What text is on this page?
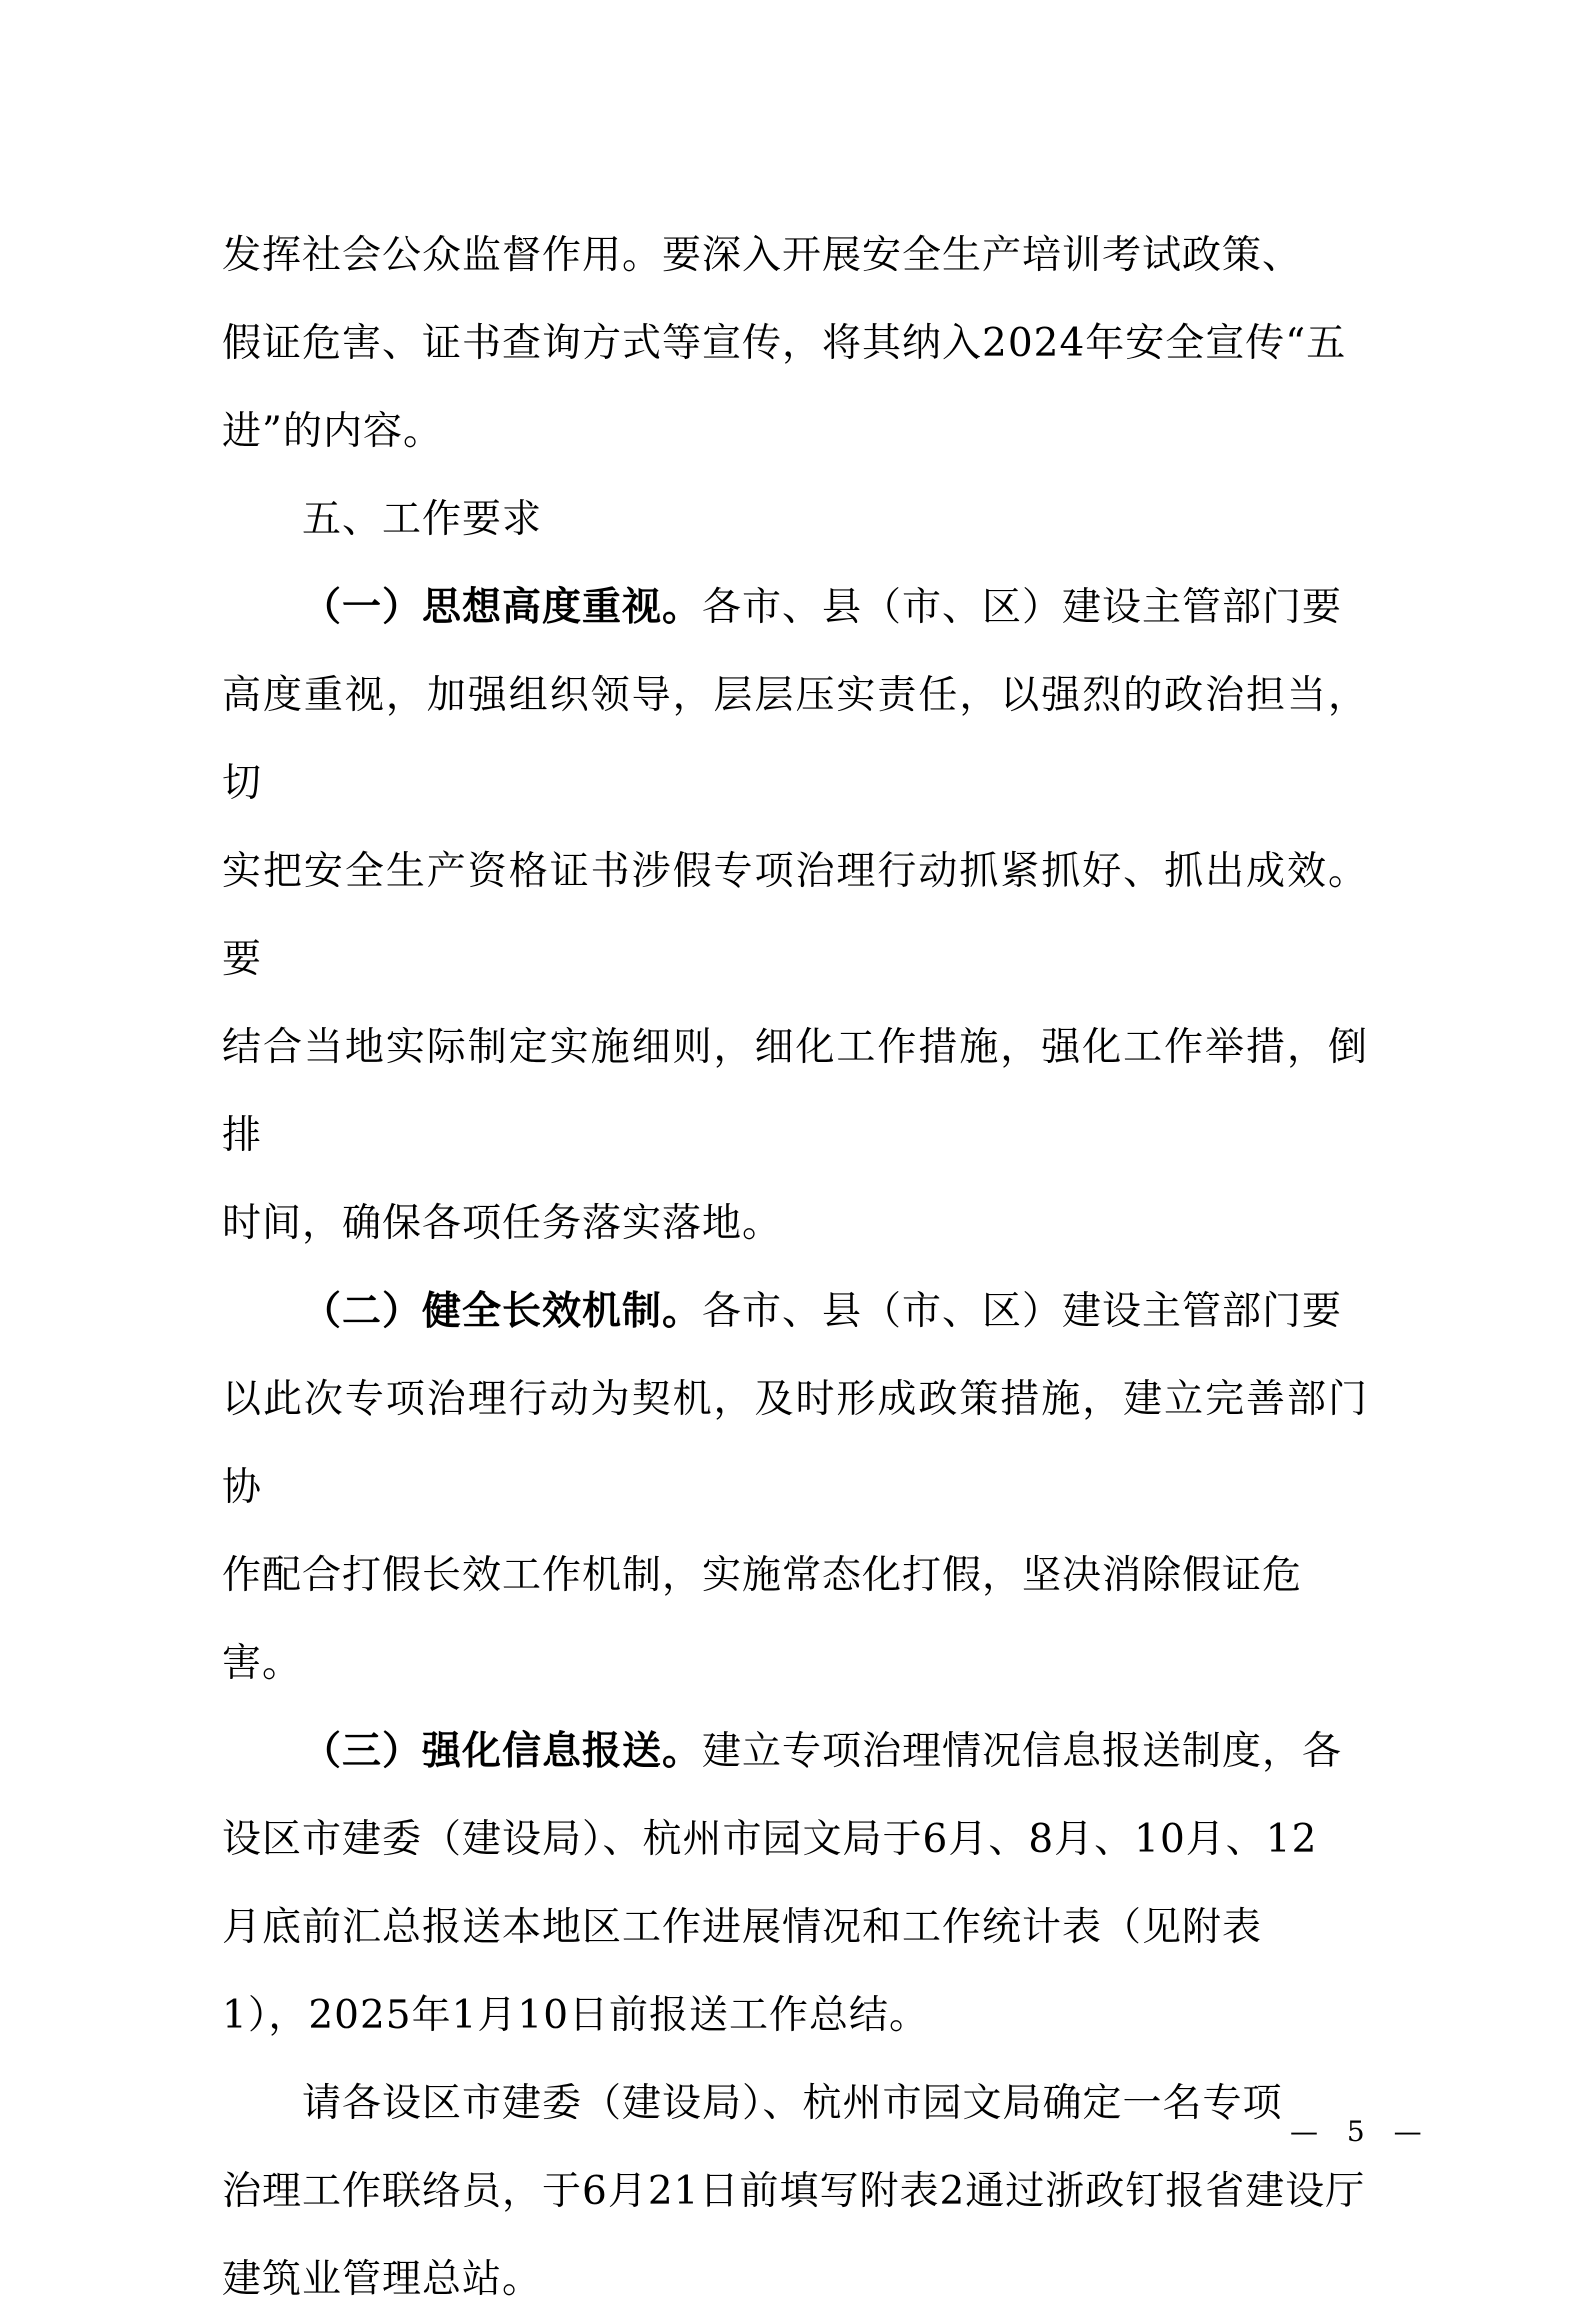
发挥社会公众监督作用。要深入开展安全生产培训考试政策、
假证危害、证书查询方式等宣传，将其纳入2024年安全宣传“五
进”的内容。

五、工作要求

（一）思想高度重视。各市、县（市、区）建设主管部门要
高度重视，加强组织领导，层层压实责任，以强烈的政治担当，切
实把安全生产资格证书涉假专项治理行动抓紧抓好、抓出成效。要
结合当地实际制定实施细则，细化工作措施，强化工作举措，倒排
时间，确保各项任务落实落地。

（二）健全长效机制。各市、县（市、区）建设主管部门要
以此次专项治理行动为契机，及时形成政策措施，建立完善部门协
作配合打假长效工作机制，实施常态化打假，坚决消除假证危
害。

（三）强化信息报送。建立专项治理情况信息报送制度，各
设区市建委（建设局）、杭州市园文局于6月、8月、10月、12
月底前汇总报送本地区工作进展情况和工作统计表（见附表
1），2025年1月10日前报送工作总结。

请各设区市建委（建设局）、杭州市园文局确定一名专项
治理工作联络员，于6月21日前填写附表2通过浙政钉报省建设厅
建筑业管理总站。

— 5 —
